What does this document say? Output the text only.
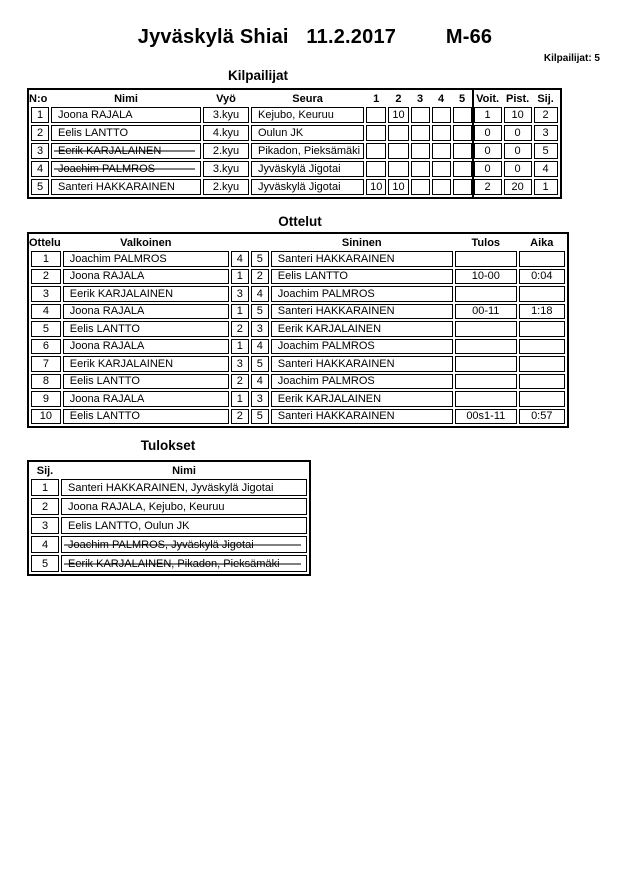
Jyväskylä Shiai 11.2.2017 M-66
Kilpailijat: 5
Kilpailijat
N:o	Nimi	Vyö	Seura	1	2	3	4	5	Voit.	Pist.	Sij.
1	Joona RAJALA	3.kyu	Kejubo, Keuruu		10				1	10	2
2	Eelis LANTTO	4.kyu	Oulun JK						0	0	3
3	Eerik KARJALAINEN	2.kyu	Pikadon, Pieksämäki						0	0	5
4	Joachim PALMROS	3.kyu	Jyväskylä Jigotai						0	0	4
5	Santeri HAKKARAINEN	2.kyu	Jyväskylä Jigotai	10	10				2	20	1
Ottelut
Ottelu	Valkoinen			Sininen	Tulos	Aika
1	Joachim PALMROS	4	5	Santeri HAKKARAINEN		
2	Joona RAJALA	1	2	Eelis LANTTO	10-00	0:04
3	Eerik KARJALAINEN	3	4	Joachim PALMROS		
4	Joona RAJALA	1	5	Santeri HAKKARAINEN	00-11	1:18
5	Eelis LANTTO	2	3	Eerik KARJALAINEN		
6	Joona RAJALA	1	4	Joachim PALMROS		
7	Eerik KARJALAINEN	3	5	Santeri HAKKARAINEN		
8	Eelis LANTTO	2	4	Joachim PALMROS		
9	Joona RAJALA	1	3	Eerik KARJALAINEN		
10	Eelis LANTTO	2	5	Santeri HAKKARAINEN	00s1-11	0:57
Tulokset
Sij.	Nimi
1	Santeri HAKKARAINEN, Jyväskylä Jigotai
2	Joona RAJALA, Kejubo, Keuruu
3	Eelis LANTTO, Oulun JK
4	Joachim PALMROS, Jyväskylä Jigotai
5	Eerik KARJALAINEN, Pikadon, Pieksämäki
